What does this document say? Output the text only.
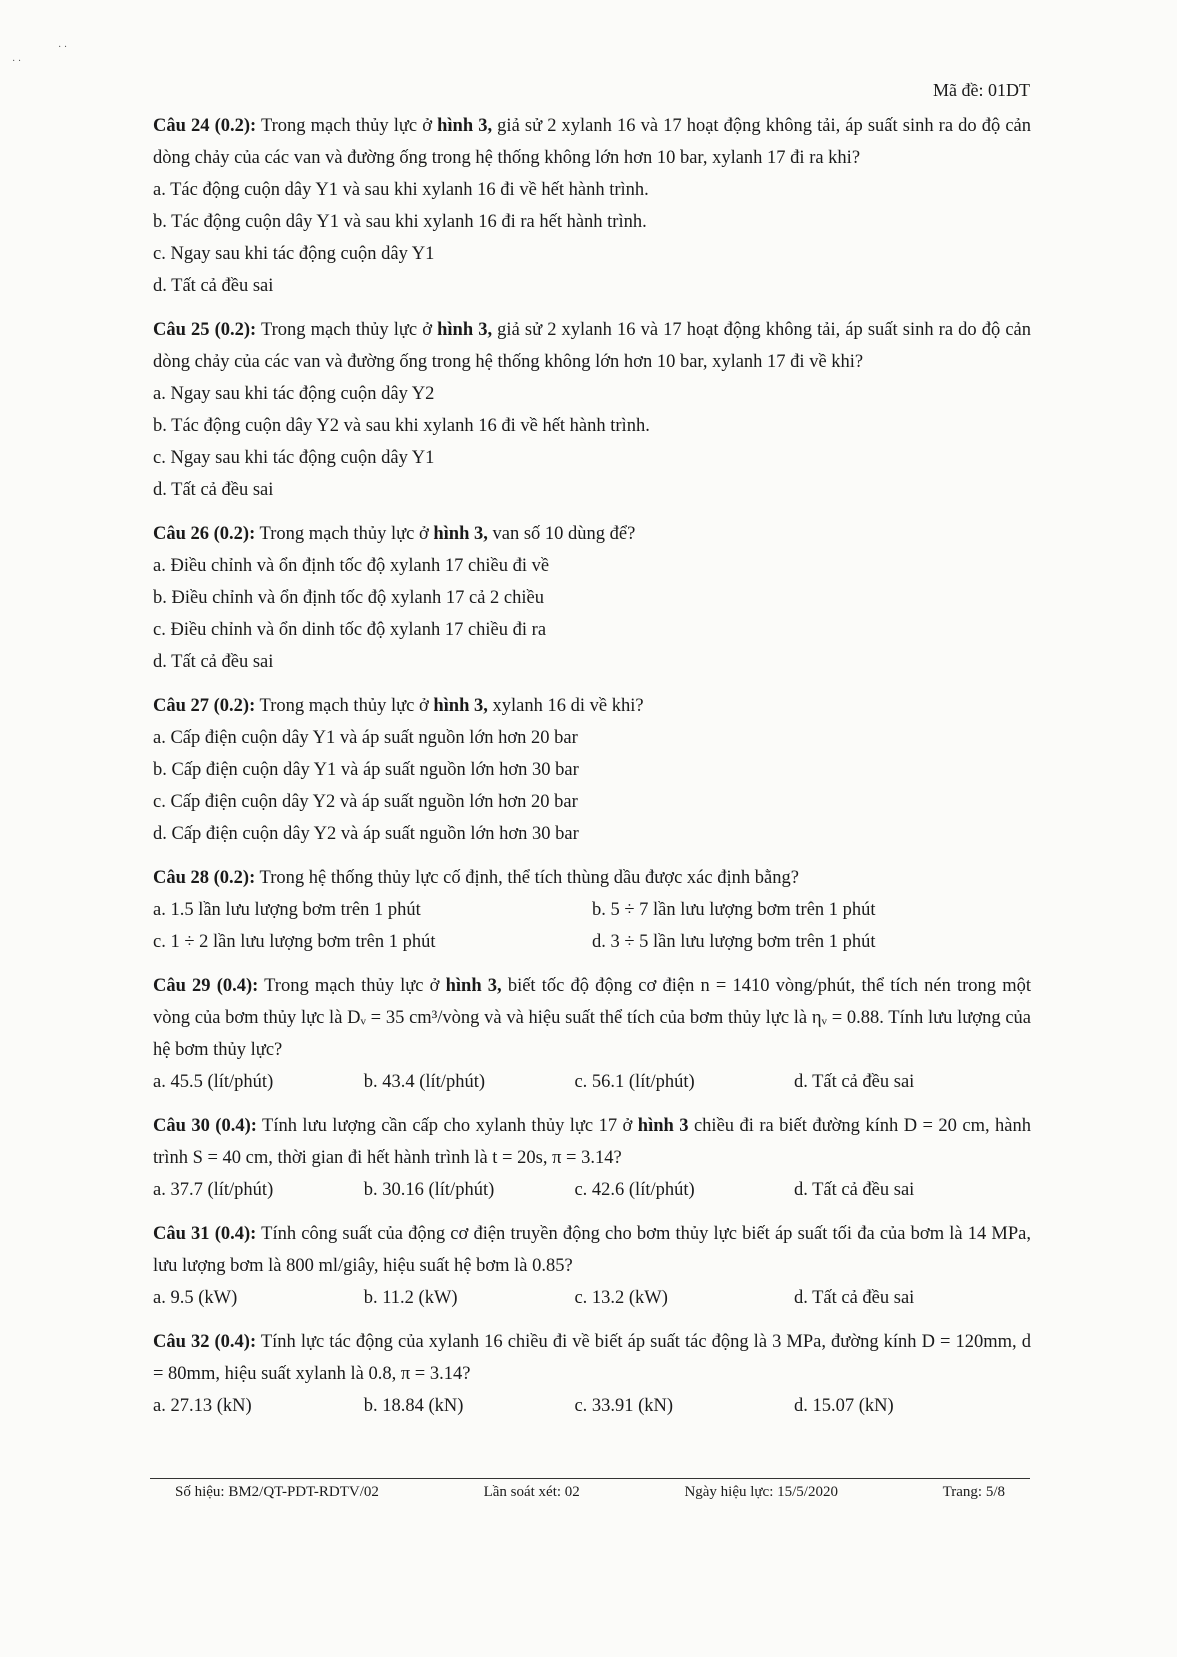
· ·
· ·
Mã đề: 01DT

Câu 24 (0.2): Trong mạch thủy lực ở hình 3, giả sử 2 xylanh 16 và 17 hoạt động không tải, áp suất sinh ra do độ cản dòng chảy của các van và đường ống trong hệ thống không lớn hơn 10 bar, xylanh 17 đi ra khi?

a. Tác động cuộn dây Y1 và sau khi xylanh 16 đi về hết hành trình.

b. Tác động cuộn dây Y1 và sau khi xylanh 16 đi ra hết hành trình.

c. Ngay sau khi tác động cuộn dây Y1

d. Tất cả đều sai

Câu 25 (0.2): Trong mạch thủy lực ở hình 3, giả sử 2 xylanh 16 và 17 hoạt động không tải, áp suất sinh ra do độ cản dòng chảy của các van và đường ống trong hệ thống không lớn hơn 10 bar, xylanh 17 đi về khi?

a. Ngay sau khi tác động cuộn dây Y2

b. Tác động cuộn dây Y2 và sau khi xylanh 16 đi về hết hành trình.

c. Ngay sau khi tác động cuộn dây Y1

d. Tất cả đều sai

Câu 26 (0.2): Trong mạch thủy lực ở hình 3, van số 10 dùng để?

a. Điều chỉnh và ổn định tốc độ xylanh 17 chiều đi về

b. Điều chỉnh và ổn định tốc độ xylanh 17 cả 2 chiều

c. Điều chỉnh và ổn dinh tốc độ xylanh 17 chiều đi ra

d. Tất cả đều sai

Câu 27 (0.2): Trong mạch thủy lực ở hình 3, xylanh 16 di về khi?

a. Cấp điện cuộn dây Y1 và áp suất nguồn lớn hơn 20 bar

b. Cấp điện cuộn dây Y1 và áp suất nguồn lớn hơn 30 bar

c. Cấp điện cuộn dây Y2 và áp suất nguồn lớn hơn 20 bar

d. Cấp điện cuộn dây Y2 và áp suất nguồn lớn hơn 30 bar

Câu 28 (0.2): Trong hệ thống thủy lực cố định, thể tích thùng dầu được xác định bằng?

a. 1.5 lần lưu lượng bơm trên 1 phút	b. 5 ÷ 7 lần lưu lượng bơm trên 1 phút
c. 1 ÷ 2 lần lưu lượng bơm trên 1 phút	d. 3 ÷ 5 lần lưu lượng bơm trên 1 phút

Câu 29 (0.4): Trong mạch thủy lực ở hình 3, biết tốc độ động cơ điện n = 1410 vòng/phút, thể tích nén trong một vòng của bơm thủy lực là Dᵥ = 35 cm³/vòng và và hiệu suất thể tích của bơm thủy lực là ηᵥ = 0.88. Tính lưu lượng của hệ bơm thủy lực?

a. 45.5 (lít/phút)	b. 43.4 (lít/phút)	c. 56.1 (lít/phút)	d. Tất cả đều sai

Câu 30 (0.4): Tính lưu lượng cần cấp cho xylanh thủy lực 17 ở hình 3 chiều đi ra biết đường kính D = 20 cm, hành trình S = 40 cm, thời gian đi hết hành trình là t = 20s, π = 3.14?

a. 37.7 (lít/phút)	b. 30.16 (lít/phút)	c. 42.6 (lít/phút)	d. Tất cả đều sai

Câu 31 (0.4): Tính công suất của động cơ điện truyền động cho bơm thủy lực biết áp suất tối đa của bơm là 14 MPa, lưu lượng bơm là 800 ml/giây, hiệu suất hệ bơm là 0.85?

a. 9.5 (kW)	b. 11.2 (kW)	c. 13.2 (kW)	d. Tất cả đều sai

Câu 32 (0.4): Tính lực tác động của xylanh 16 chiều đi về biết áp suất tác động là 3 MPa, đường kính D = 120mm, d = 80mm, hiệu suất xylanh là 0.8, π = 3.14?

a. 27.13 (kN)	b. 18.84 (kN)	c. 33.91 (kN)	d. 15.07 (kN)
Số hiệu: BM2/QT-PDT-RDTV/02	Lần soát xét: 02	Ngày hiệu lực: 15/5/2020	Trang: 5/8
